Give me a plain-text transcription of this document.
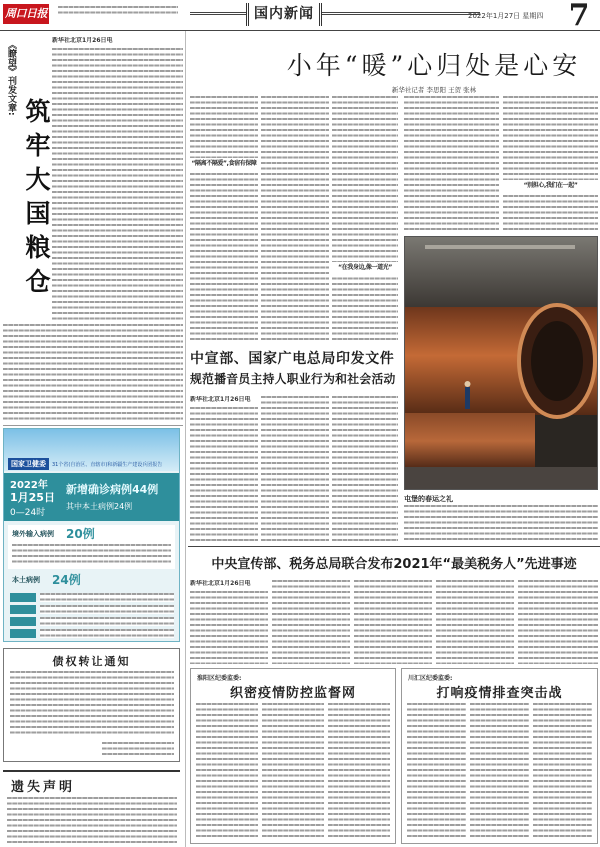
周口日报	国内新闻	2022年1月27日 星期四 7
《瞭望》刊发文章:
筑牢大国粮仓
新华社北京1月26日电
国家卫健委	31个省(自治区、直辖市)和新疆生产建设兵团报告
2022年
1月25日
0—24时
新增确诊病例44例
其中本土病例24例
境外输入病例 20例
本土病例 24例
债权转让通知
遗失声明
小年“暖”心归处是心安
新华社记者 李思阳 王贺 张林
“隔离不隔爱”,食宿有保障
“在我身边,像一道光”
“别担心,我们在一起”
屯堡的春运之礼
中宣部、国家广电总局印发文件
规范播音员主持人职业行为和社会活动
新华社北京1月26日电
中央宣传部、税务总局联合发布2021年“最美税务人”先进事迹
新华社北京1月26日电
淮阳区纪委监委:
织密疫情防控监督网
川汇区纪委监委:
打响疫情排查突击战
